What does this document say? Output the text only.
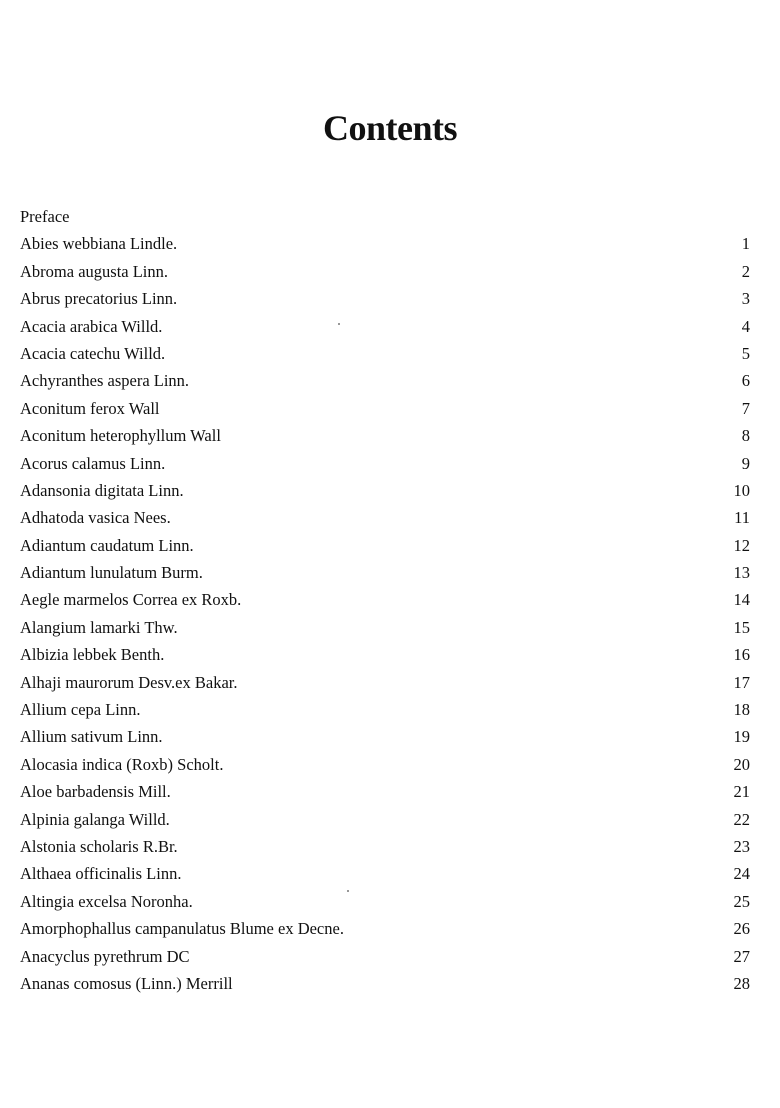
Contents
Preface
Abies webbiana Lindle.	1
Abroma augusta Linn.	2
Abrus precatorius Linn.	3
Acacia arabica Willd.	4
Acacia catechu Willd.	5
Achyranthes aspera Linn.	6
Aconitum ferox Wall	7
Aconitum heterophyllum Wall	8
Acorus calamus Linn.	9
Adansonia digitata Linn.	10
Adhatoda vasica Nees.	11
Adiantum caudatum Linn.	12
Adiantum lunulatum Burm.	13
Aegle marmelos Correa ex Roxb.	14
Alangium lamarki Thw.	15
Albizia lebbek Benth.	16
Alhaji maurorum Desv.ex Bakar.	17
Allium cepa Linn.	18
Allium sativum Linn.	19
Alocasia indica (Roxb) Scholt.	20
Aloe barbadensis Mill.	21
Alpinia galanga Willd.	22
Alstonia scholaris R.Br.	23
Althaea officinalis Linn.	24
Altingia excelsa Noronha.	25
Amorphophallus campanulatus Blume ex Decne.	26
Anacyclus pyrethrum DC	27
Ananas comosus (Linn.) Merrill	28
